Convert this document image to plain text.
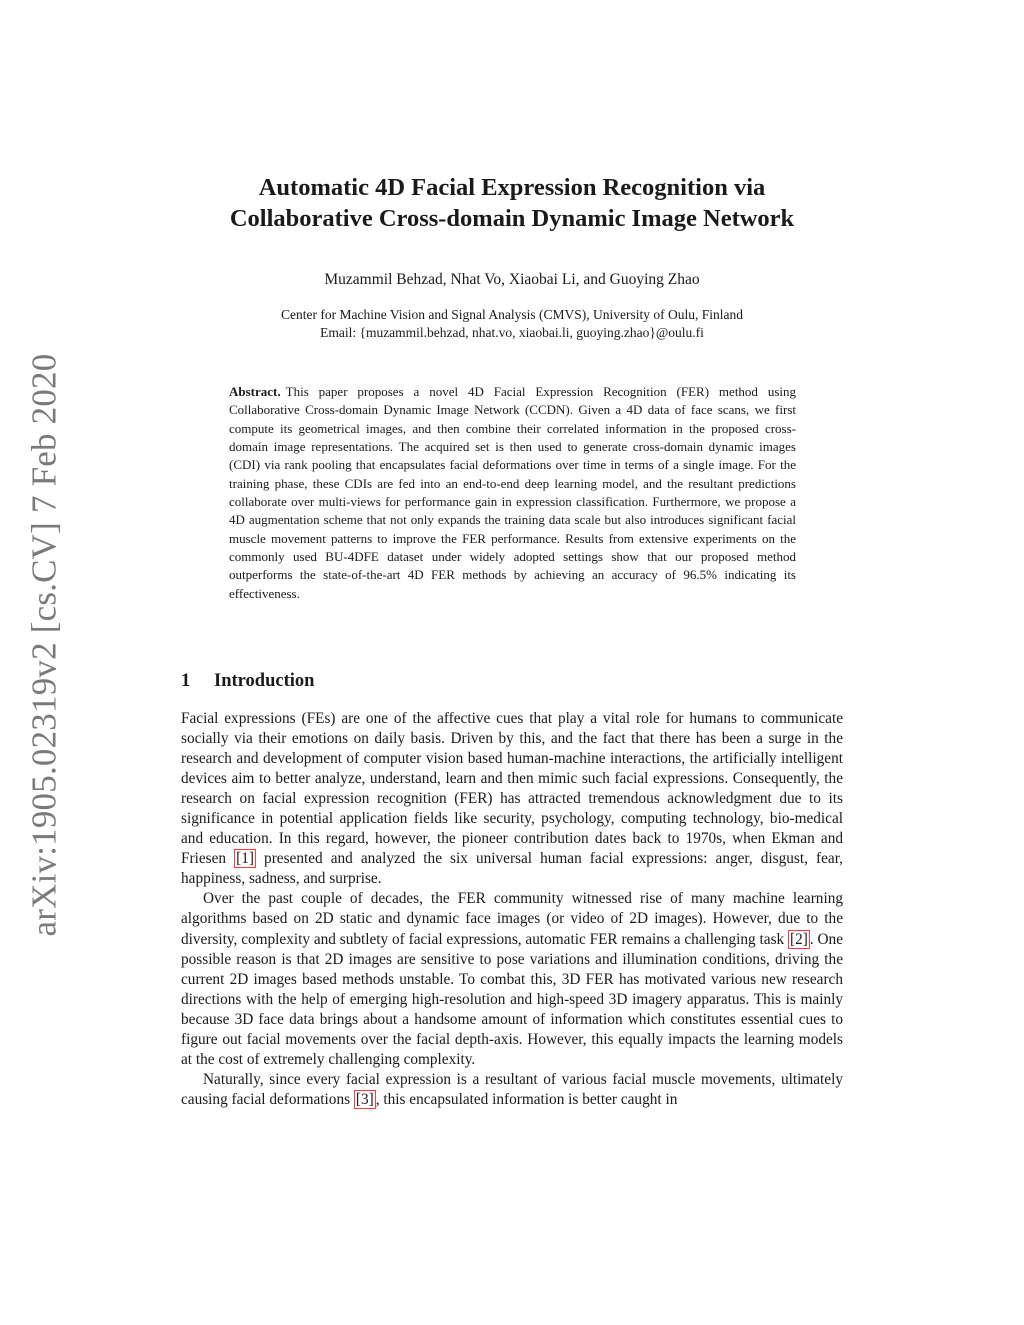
arXiv:1905.02319v2 [cs.CV] 7 Feb 2020
Automatic 4D Facial Expression Recognition via
Collaborative Cross-domain Dynamic Image Network
Muzammil Behzad, Nhat Vo, Xiaobai Li, and Guoying Zhao
Center for Machine Vision and Signal Analysis (CMVS), University of Oulu, Finland
Email: {muzammil.behzad, nhat.vo, xiaobai.li, guoying.zhao}@oulu.fi
Abstract. This paper proposes a novel 4D Facial Expression Recognition (FER) method using Collaborative Cross-domain Dynamic Image Network (CCDN). Given a 4D data of face scans, we first compute its geometrical images, and then combine their correlated information in the proposed cross-domain image representations. The acquired set is then used to generate cross-domain dynamic images (CDI) via rank pooling that encapsulates facial deformations over time in terms of a single image. For the training phase, these CDIs are fed into an end-to-end deep learning model, and the resultant predictions collaborate over multi-views for performance gain in expression classification. Furthermore, we propose a 4D augmentation scheme that not only expands the training data scale but also introduces significant facial muscle movement patterns to improve the FER performance. Results from extensive experiments on the commonly used BU-4DFE dataset under widely adopted settings show that our proposed method outperforms the state-of-the-art 4D FER methods by achieving an accuracy of 96.5% indicating its effectiveness.
1 Introduction

Facial expressions (FEs) are one of the affective cues that play a vital role for humans to communicate socially via their emotions on daily basis. Driven by this, and the fact that there has been a surge in the research and development of computer vision based human-machine interactions, the artificially intelligent devices aim to better analyze, understand, learn and then mimic such facial expressions. Consequently, the research on facial expression recognition (FER) has attracted tremendous acknowledgment due to its significance in potential application fields like security, psychology, computing technology, bio-medical and education. In this regard, however, the pioneer contribution dates back to 1970s, when Ekman and Friesen [1] presented and analyzed the six universal human facial expressions: anger, disgust, fear, happiness, sadness, and surprise.

Over the past couple of decades, the FER community witnessed rise of many machine learning algorithms based on 2D static and dynamic face images (or video of 2D images). However, due to the diversity, complexity and subtlety of facial expressions, automatic FER remains a challenging task [2] . One possible reason is that 2D images are sensitive to pose variations and illumination conditions, driving the current 2D images based methods unstable. To combat this, 3D FER has motivated various new research directions with the help of emerging high-resolution and high-speed 3D imagery apparatus. This is mainly because 3D face data brings about a handsome amount of information which constitutes essential cues to figure out facial movements over the facial depth-axis. However, this equally impacts the learning models at the cost of extremely challenging complexity.

Naturally, since every facial expression is a resultant of various facial muscle movements, ultimately causing facial deformations [3] , this encapsulated information is better caught in
